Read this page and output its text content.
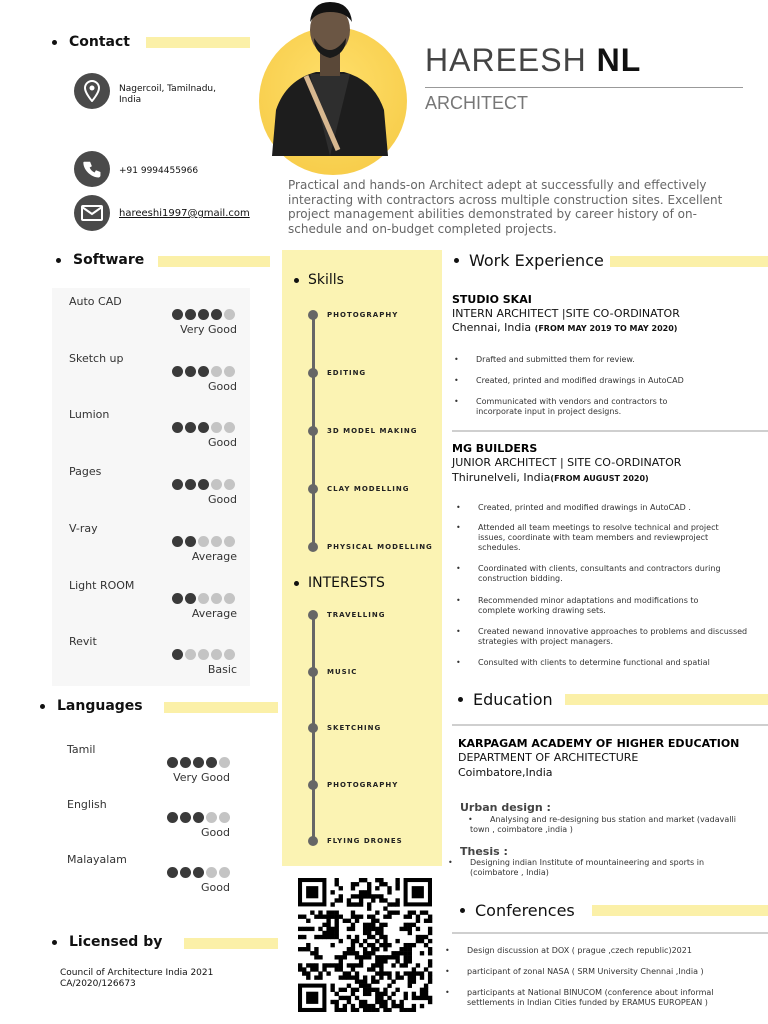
Contact
Nagercoil, Tamilnadu,
India
+91 9994455966
hareeshi1997@gmail.com
Software
Auto CAD
Very Good
Sketch up
Good
Lumion
Good
Pages
Good
V-ray
Average
Light ROOM
Average
Revit
Basic
Languages
Tamil
Very Good
English
Good
Malayalam
Good
Licensed by
Council of Architecture India 2021
CA/2020/126673
HAREESH NL
ARCHITECT
Practical and hands-on Architect adept at successfully and effectively interacting with contractors across multiple construction sites. Excellent project management abilities demonstrated by career history of on-schedule and on-budget completed projects.
Skills
PHOTOGRAPHY
EDITING
3D MODEL MAKING
CLAY MODELLING
PHYSICAL MODELLING
INTERESTS
TRAVELLING
MUSIC
SKETCHING
PHOTOGRAPHY
FLYING DRONES
Work Experience
STUDIO SKAI
INTERN ARCHITECT |SITE CO-ORDINATOR
Chennai, India (FROM MAY 2019 TO MAY 2020)
• Drafted and submitted them for review.
• Created, printed and modified drawings in AutoCAD
• Communicated with vendors and contractors to incorporate input in project designs.
MG BUILDERS
JUNIOR ARCHITECT | SITE CO-ORDINATOR
Thirunelveli, India(FROM AUGUST 2020)
• Created, printed and modified drawings in AutoCAD .
• Attended all team meetings to resolve technical and project issues, coordinate with team members and reviewproject schedules.
• Coordinated with clients, consultants and contractors during construction bidding.
• Recommended minor adaptations and modifications to complete working drawing sets.
• Created newand innovative approaches to problems and discussed strategies with project managers.
• Consulted with clients to determine functional and spatial
Education
KARPAGAM ACADEMY OF HIGHER EDUCATION
DEPARTMENT OF ARCHITECTURE
Coimbatore,India
Urban design :
• Analysing and re-designing bus station and market (vadavalli town , coimbatore ,india )
Thesis :
• Designing indian Institute of mountaineering and sports in (coimbatore , India)
Conferences
• Design discussion at DOX ( prague ,czech republic)2021
• participant of zonal NASA ( SRM University Chennai ,India )
• participants at National BINUCOM (conference about informal settlements in Indian Cities funded by ERAMUS EUROPEAN )
